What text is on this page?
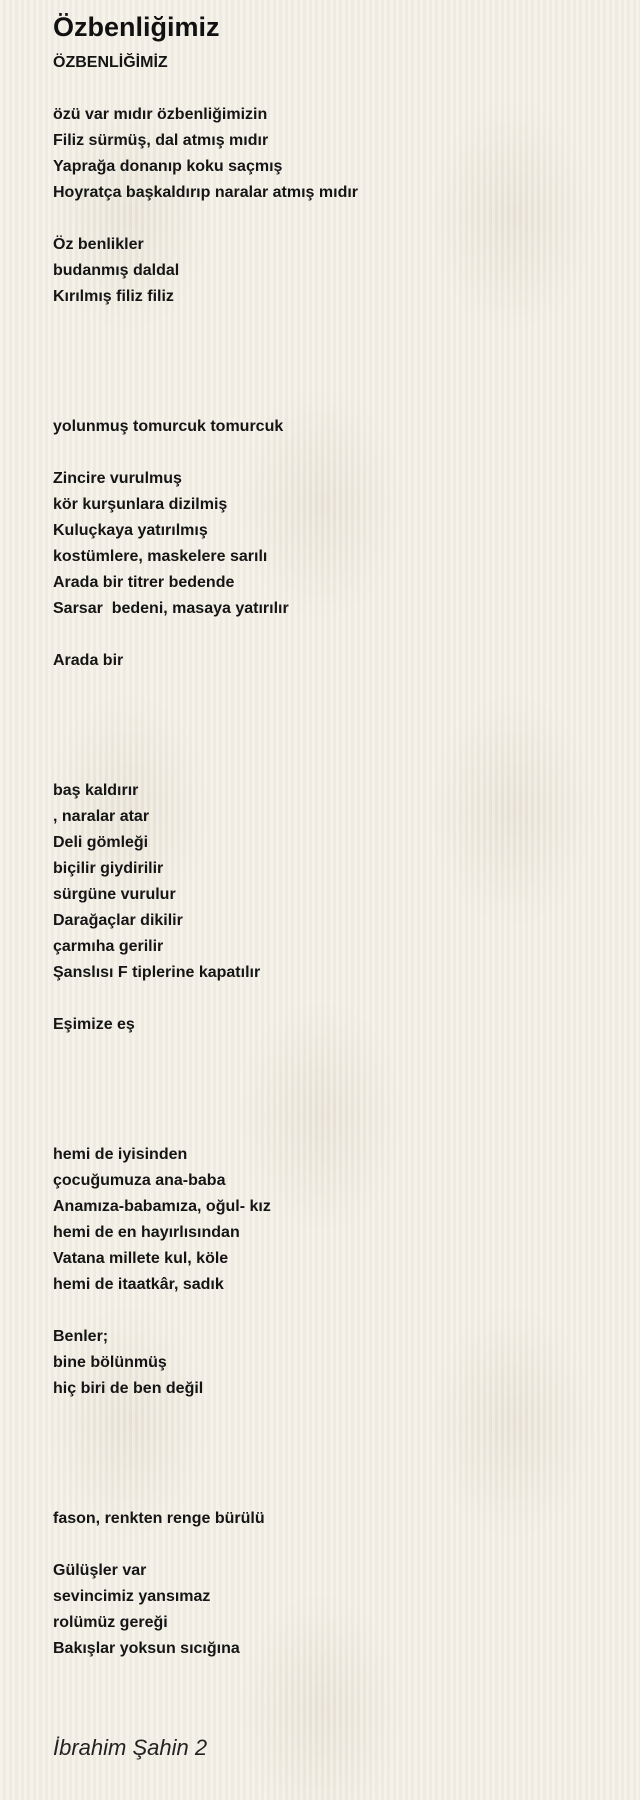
Özbenliğimiz
ÖZBENLİĞİMİZ
özü var mıdır özbenliğimizin
Filiz sürmüş, dal atmış mıdır
Yaprağa donanıp koku saçmış
Hoyratça başkaldırıp naralar atmış mıdır
Öz benlikler
budanmış daldal
Kırılmış filiz filiz
yolunmuş tomurcuk tomurcuk
Zincire vurulmuş
kör kurşunlara dizilmiş
Kuluçkaya yatırılmış
kostümlere, maskelere sarılı
Arada bir titrer bedende
Sarsar  bedeni, masaya yatırılır
Arada bir
baş kaldırır
, naralar atar
Deli gömleği
biçilir giydirilir
sürgüne vurulur
Darağaçlar dikilir
çarmıha gerilir
Şanslısı F tiplerine kapatılır
Eşimize eş
hemi de iyisinden
çocuğumuza ana-baba
Anamıza-babamıza, oğul- kız
hemi de en hayırlısından
Vatana millete kul, köle
hemi de itaatkâr, sadık
Benler;
bine bölünmüş
hiç biri de ben değil
fason, renkten renge bürülü
Gülüşler var
sevincimiz yansımaz
rolümüz gereği
Bakışlar yoksun sıcığına
İbrahim Şahin 2
